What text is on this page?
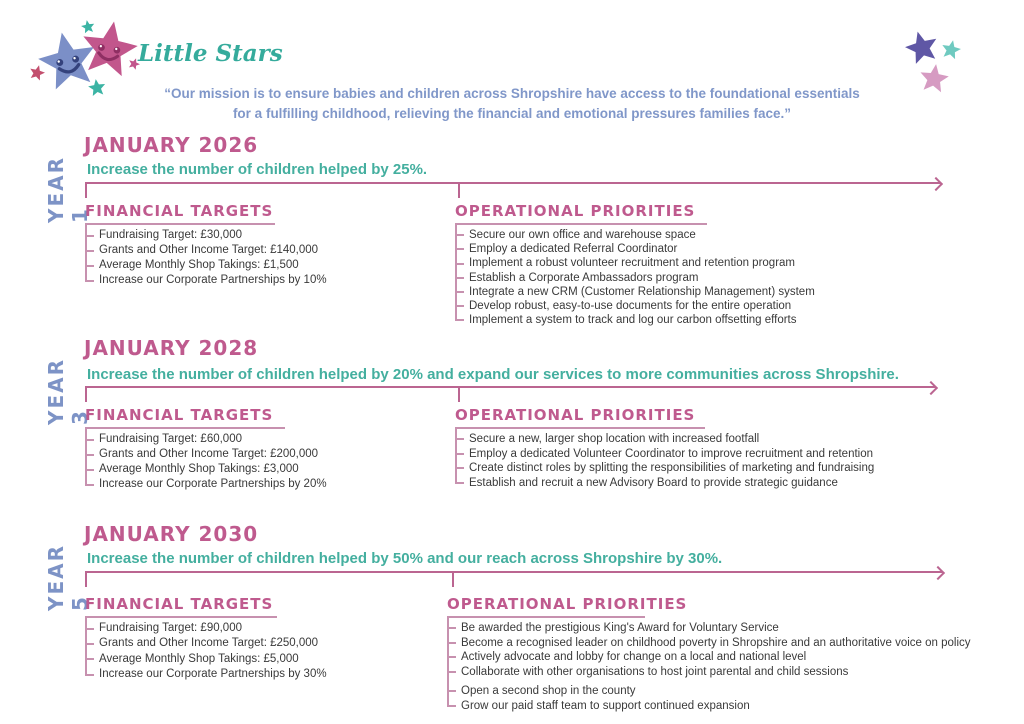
Little Stars
“Our mission is to ensure babies and children across Shropshire have access to the foundational essentials
for a fulfilling childhood, relieving the financial and emotional pressures families face.”
YEAR 1
JANUARY 2026
Increase the number of children helped by 25%.
FINANCIAL TARGETS
Fundraising Target: £30,000
Grants and Other Income Target: £140,000
Average Monthly Shop Takings: £1,500
Increase our Corporate Partnerships by 10%
OPERATIONAL PRIORITIES
Secure our own office and warehouse space
Employ a dedicated Referral Coordinator
Implement a robust volunteer recruitment and retention program
Establish a Corporate Ambassadors program
Integrate a new CRM (Customer Relationship Management) system
Develop robust, easy-to-use documents for the entire operation
Implement a system to track and log our carbon offsetting efforts
YEAR 3
JANUARY 2028
Increase the number of children helped by 20% and expand our services to more communities across Shropshire.
FINANCIAL TARGETS
Fundraising Target: £60,000
Grants and Other Income Target: £200,000
Average Monthly Shop Takings: £3,000
Increase our Corporate Partnerships by 20%
OPERATIONAL PRIORITIES
Secure a new, larger shop location with increased footfall
Employ a dedicated Volunteer Coordinator to improve recruitment and retention
Create distinct roles by splitting the responsibilities of marketing and fundraising
Establish and recruit a new Advisory Board to provide strategic guidance
YEAR 5
JANUARY 2030
Increase the number of children helped by 50% and our reach across Shropshire by 30%.
FINANCIAL TARGETS
Fundraising Target: £90,000
Grants and Other Income Target: £250,000
Average Monthly Shop Takings: £5,000
Increase our Corporate Partnerships by 30%
OPERATIONAL PRIORITIES
Be awarded the prestigious King's Award for Voluntary Service
Become a recognised leader on childhood poverty in Shropshire and an authoritative voice on policy
Actively advocate and lobby for change on a local and national level
Collaborate with other organisations to host joint parental and child sessions
Open a second shop in the county
Grow our paid staff team to support continued expansion
